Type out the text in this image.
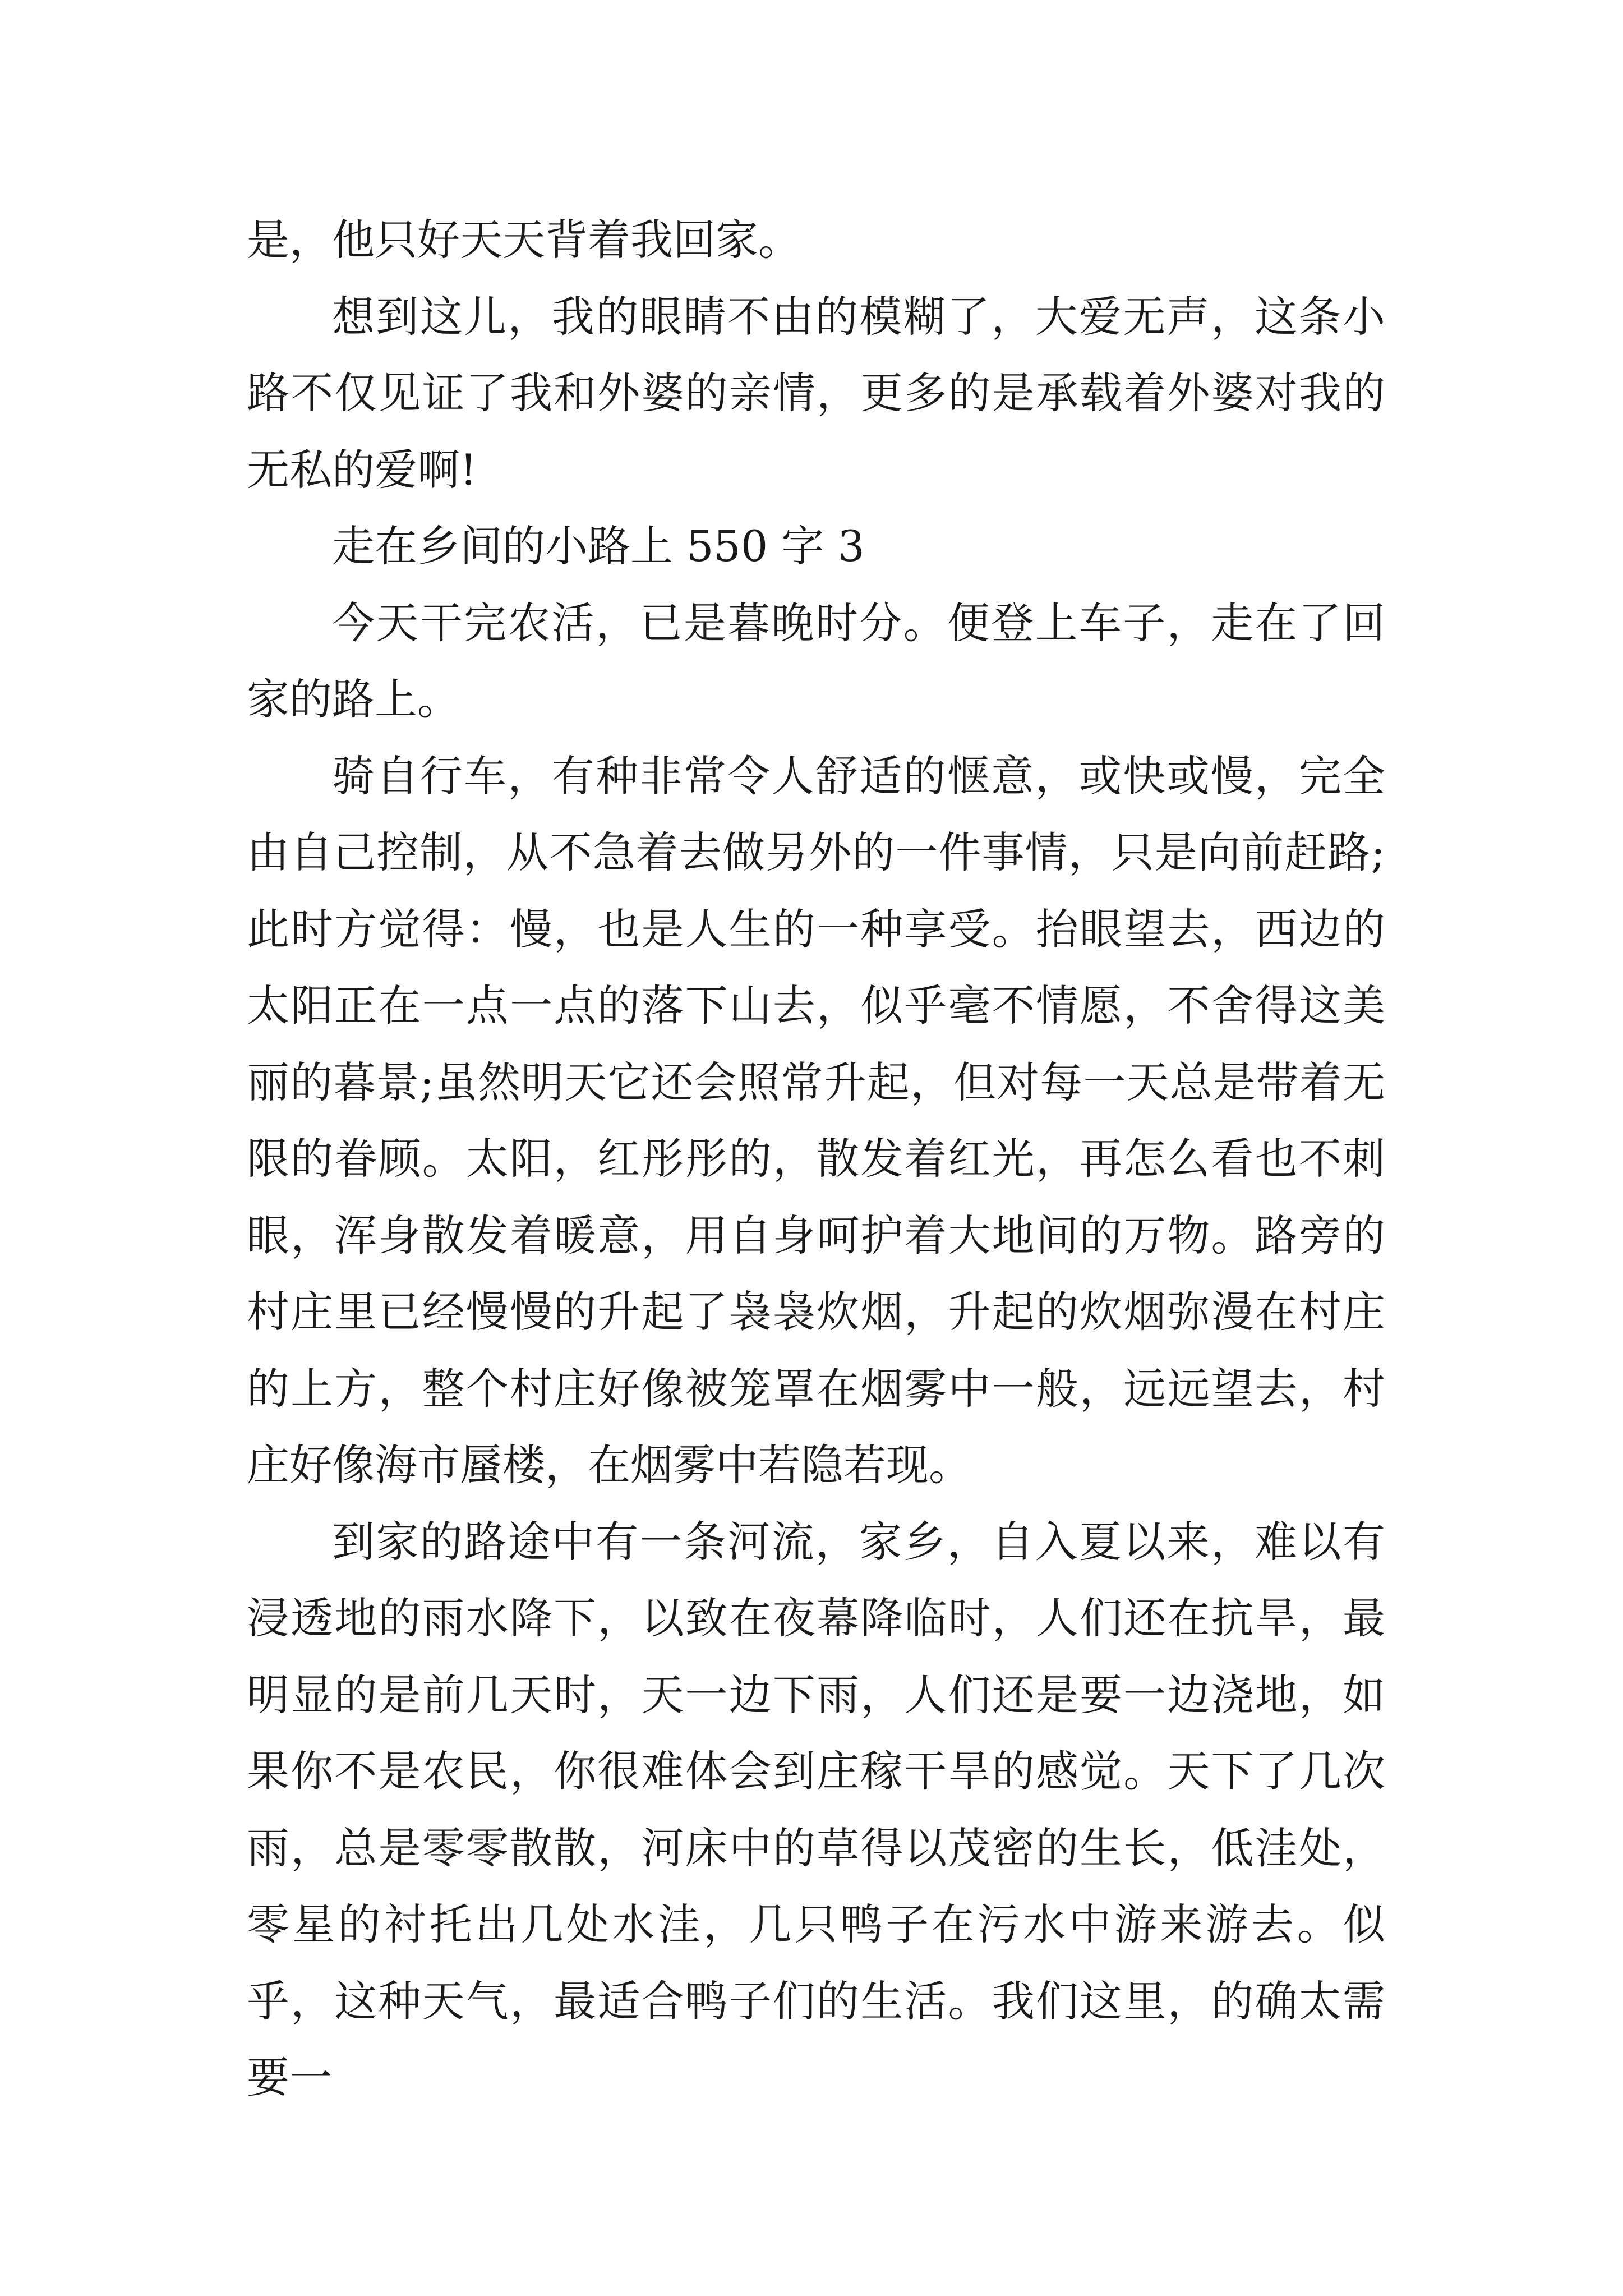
是，他只好天天背着我回家。

想到这儿，我的眼睛不由的模糊了，大爱无声，这条小路不仅见证了我和外婆的亲情，更多的是承载着外婆对我的无私的爱啊!

走在乡间的小路上 550 字 3

今天干完农活，已是暮晚时分。便登上车子，走在了回家的路上。

骑自行车，有种非常令人舒适的惬意，或快或慢，完全由自己控制，从不急着去做另外的一件事情，只是向前赶路;此时方觉得：慢，也是人生的一种享受。抬眼望去，西边的太阳正在一点一点的落下山去，似乎毫不情愿，不舍得这美丽的暮景;虽然明天它还会照常升起，但对每一天总是带着无限的眷顾。太阳，红彤彤的，散发着红光，再怎么看也不刺眼，浑身散发着暖意，用自身呵护着大地间的万物。路旁的村庄里已经慢慢的升起了袅袅炊烟，升起的炊烟弥漫在村庄的上方，整个村庄好像被笼罩在烟雾中一般，远远望去，村庄好像海市蜃楼，在烟雾中若隐若现。

到家的路途中有一条河流，家乡，自入夏以来，难以有浸透地的雨水降下，以致在夜幕降临时，人们还在抗旱，最明显的是前几天时，天一边下雨，人们还是要一边浇地，如果你不是农民，你很难体会到庄稼干旱的感觉。天下了几次雨，总是零零散散，河床中的草得以茂密的生长，低洼处，零星的衬托出几处水洼，几只鸭子在污水中游来游去。似乎，这种天气，最适合鸭子们的生活。我们这里，的确太需要一
